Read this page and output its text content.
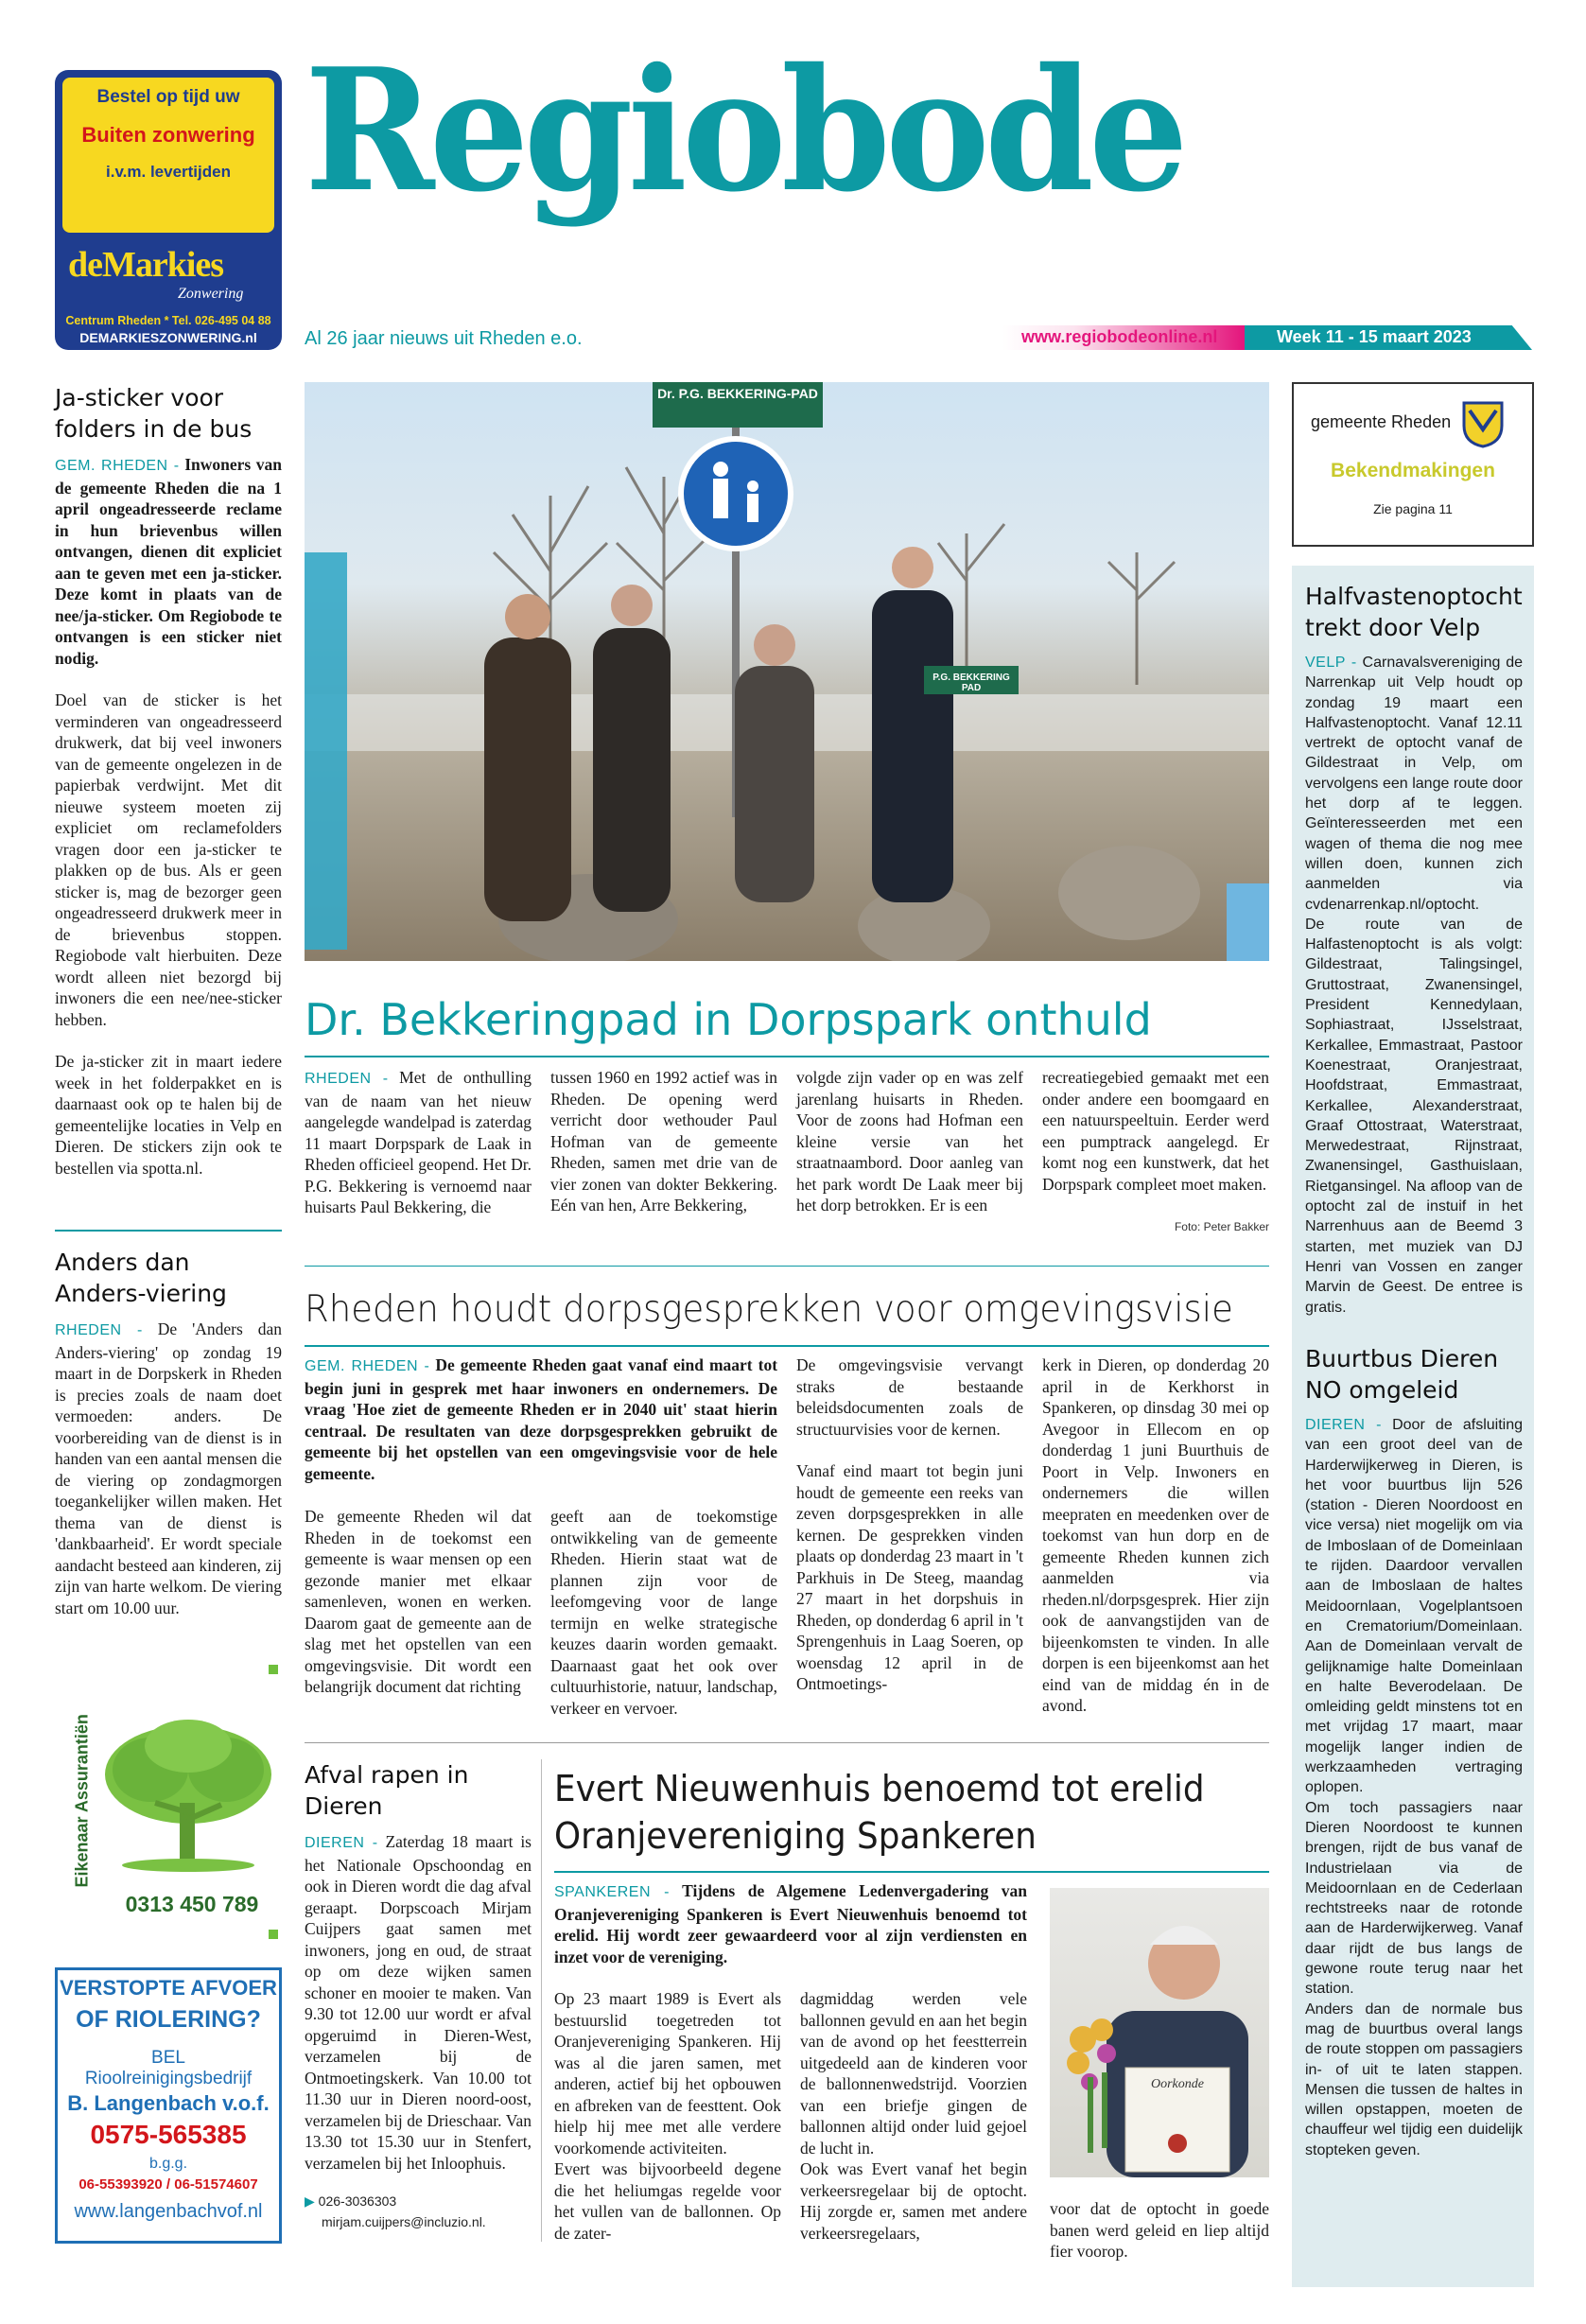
Bestel op tijd uw
Buiten zonwering
i.v.m. levertijden
deMarkies
Zonwering
Centrum Rheden * Tel. 026-495 04 88
DEMARKIESZONWERING.nl
Regiobode
Al 26 jaar nieuws uit Rheden e.o.	www.regiobodeonline.nl	Week 11 - 15 maart 2023
Ja-sticker voor folders in de bus

GEM. RHEDEN - Inwoners van de gemeente Rheden die na 1 april ongeadresseerde reclame in hun brievenbus willen ontvangen, dienen dit expliciet aan te geven met een ja-sticker. Deze komt in plaats van de nee/ja-sticker. Om Regiobode te ontvangen is een sticker niet nodig.

Doel van de sticker is het verminderen van ongeadresseerd drukwerk, dat bij veel inwoners van de gemeente ongelezen in de papierbak verdwijnt. Met dit nieuwe systeem moeten zij expliciet om reclamefolders vragen door een ja-sticker te plakken op de bus. Als er geen sticker is, mag de bezorger geen ongeadresseerd drukwerk meer in de brievenbus stoppen. Regiobode valt hierbuiten. Deze wordt alleen niet bezorgd bij inwoners die een nee/nee-sticker hebben.

De ja-sticker zit in maart iedere week in het folderpakket en is daarnaast ook op te halen bij de gemeentelijke locaties in Velp en Dieren. De stickers zijn ook te bestellen via spotta.nl.

Anders dan Anders-viering

RHEDEN - De 'Anders dan Anders-viering' op zondag 19 maart in de Dorpskerk in Rheden is precies zoals de naam doet vermoeden: anders. De voorbereiding van de dienst is in handen van een aantal mensen die de viering op zondagmorgen toegankelijker willen maken. Het thema van de dienst is 'dankbaarheid'. Er wordt speciale aandacht besteed aan kinderen, zij zijn van harte welkom. De viering start om 10.00 uur.

Eikenaar Assurantiën
0313 450 789
VERSTOPTE AFVOER
OF RIOLERING?
BEL
Rioolreinigingsbedrijf
B. Langenbach v.o.f.
0575-565385
b.g.g.
06-55393920 / 06-51574607
www.langenbachvof.nl
Dr. P.G. BEKKERING-PAD
P.G. BEKKERING PAD
Dr. Bekkeringpad in Dorpspark onthuld
RHEDEN - Met de onthulling van de naam van het nieuw aangelegde wandelpad is zaterdag 11 maart Dorpspark de Laak in Rheden officieel geopend. Het Dr. P.G. Bekkering is vernoemd naar huisarts Paul Bekkering, die
tussen 1960 en 1992 actief was in Rheden. De opening werd verricht door wethouder Paul Hofman van de gemeente Rheden, samen met drie van de vier zonen van dokter Bekkering. Eén van hen, Arre Bekkering,
volgde zijn vader op en was zelf jarenlang huisarts in Rheden. Voor de zoons had Hofman een kleine versie van het straatnaambord. Door aanleg van het park wordt De Laak meer bij het dorp betrokken. Er is een
recreatiegebied gemaakt met een onder andere een boomgaard en een natuurspeeltuin. Eerder werd een pumptrack aangelegd. Er komt nog een kunstwerk, dat het Dorpspark compleet moet maken.
Foto: Peter Bakker
Rheden houdt dorpsgesprekken voor omgevingsvisie
GEM. RHEDEN - De gemeente Rheden gaat vanaf eind maart tot begin juni in gesprek met haar inwoners en ondernemers. De vraag 'Hoe ziet de gemeente Rheden er in 2040 uit' staat hierin centraal. De resultaten van deze dorpsgesprekken gebruikt de gemeente bij het opstellen van een omgevingsvisie voor de hele gemeente.
De gemeente Rheden wil dat Rheden in de toekomst een gemeente is waar mensen op een gezonde manier met elkaar samenleven, wonen en werken. Daarom gaat de gemeente aan de slag met het opstellen van een omgevingsvisie. Dit wordt een belangrijk document dat richting
geeft aan de toekomstige ontwikkeling van de gemeente Rheden. Hierin staat wat de plannen zijn voor de leefomgeving voor de lange termijn en welke strategische keuzes daarin worden gemaakt. Daarnaast gaat het ook over cultuurhistorie, natuur, landschap, verkeer en vervoer.

De omgevingsvisie vervangt straks de bestaande beleidsdocumenten zoals de structuurvisies voor de kernen.

Vanaf eind maart tot begin juni houdt de gemeente een reeks van zeven dorpsgesprekken in alle kernen. De gesprekken vinden plaats op donderdag 23 maart in 't Parkhuis in De Steeg, maandag 27 maart in het dorpshuis in Rheden, op donderdag 6 april in 't Sprengenhuis in Laag Soeren, op woensdag 12 april in de Ontmoetings-

kerk in Dieren, op donderdag 20 april in de Kerkhorst in Spankeren, op dinsdag 30 mei op Avegoor in Ellecom en op donderdag 1 juni Buurthuis de Poort in Velp. Inwoners en ondernemers die willen meepraten en meedenken over de toekomst van hun dorp en de gemeente Rheden kunnen zich aanmelden via rheden.nl/dorpsgesprek. Hier zijn ook de aanvangstijden van de bijeenkomsten te vinden. In alle dorpen is een bijeenkomst aan het eind van de middag én in de avond.
Afval rapen in Dieren

DIEREN - Zaterdag 18 maart is het Nationale Opschoondag en ook in Dieren wordt die dag afval geraapt. Dorpscoach Mirjam Cuijpers gaat samen met inwoners, jong en oud, de straat op om deze wijken samen schoner en mooier te maken. Van 9.30 tot 12.00 uur wordt er afval opgeruimd in Dieren-West, verzamelen bij de Ontmoetingskerk. Van 10.00 tot 11.30 uur in Dieren noord-oost, verzamelen bij de Drieschaar. Van 13.30 tot 15.30 uur in Stenfert, verzamelen bij het Inloophuis.

▶ 026-3036303
mirjam.cuijpers@incluzio.nl.
Evert Nieuwenhuis benoemd tot erelid Oranjevereniging Spankeren
SPANKEREN - Tijdens de Algemene Ledenvergadering van Oranjevereniging Spankeren is Evert Nieuwenhuis benoemd tot erelid. Hij wordt zeer gewaardeerd voor al zijn verdiensten en inzet voor de vereniging.

Op 23 maart 1989 is Evert als bestuurslid toegetreden tot Oranjevereniging Spankeren. Hij was al die jaren samen, met anderen, actief bij het opbouwen en afbreken van de feesttent. Ook hielp hij mee met alle verdere voorkomende activiteiten.

Evert was bijvoorbeeld degene die het heliumgas regelde voor het vullen van de ballonnen. Op de zater-

dagmiddag werden vele ballonnen gevuld en aan het begin van de avond op het feestterrein uitgedeeld aan de kinderen voor de ballonnenwedstrijd. Voorzien van een briefje gingen de ballonnen altijd onder luid gejoel de lucht in.

Ook was Evert vanaf het begin verkeersregelaar bij de optocht. Hij zorgde er, samen met andere verkeersregelaars,

Oorkonde
voor dat de optocht in goede banen werd geleid en liep altijd fier voorop.
gemeente Rheden
Bekendmakingen
Zie pagina 11
Halfvastenoptocht trekt door Velp

VELP - Carnavalsvereniging de Narrenkap uit Velp houdt op zondag 19 maart een Halfvastenoptocht. Vanaf 12.11 vertrekt de optocht vanaf de Gildestraat in Velp, om vervolgens een lange route door het dorp af te leggen. Geïnteresseerden met een wagen of thema die nog mee willen doen, kunnen zich aanmelden via cvdenarrenkap.nl/optocht.

De route van de Halfastenoptocht is als volgt: Gildestraat, Talingsingel, Gruttostraat, Zwanensingel, President Kennedylaan, Sophiastraat, IJsselstraat, Kerkallee, Emmastraat, Pastoor Koenestraat, Oranjestraat, Hoofdstraat, Emmastraat, Kerkallee, Alexanderstraat, Graaf Ottostraat, Waterstraat, Merwedestraat, Rijnstraat, Zwanensingel, Gasthuislaan, Rietgansingel. Na afloop van de optocht zal de instuif in het Narrenhuus aan de Beemd 3 starten, met muziek van DJ Henri van Vossen en zanger Marvin de Geest. De entree is gratis.

Buurtbus Dieren NO omgeleid

DIEREN - Door de afsluiting van een groot deel van de Harderwijkerweg in Dieren, is het voor buurtbus lijn 526 (station - Dieren Noordoost en vice versa) niet mogelijk om via de Imboslaan of de Domeinlaan te rijden. Daardoor vervallen aan de Imboslaan de haltes Meidoornlaan, Vogelplantsoen en Crematorium/Domeinlaan. Aan de Domeinlaan vervalt de gelijknamige halte Domeinlaan en halte Beverodelaan. De omleiding geldt minstens tot en met vrijdag 17 maart, maar mogelijk langer indien de werkzaamheden vertraging oplopen.

Om toch passagiers naar Dieren Noordoost te kunnen brengen, rijdt de bus vanaf de Industrielaan via de Meidoornlaan en de Cederlaan rechtstreeks naar de rotonde aan de Harderwijkerweg. Vanaf daar rijdt de bus langs de gewone route terug naar het station.

Anders dan de normale bus mag de buurtbus overal langs de route stoppen om passagiers in- of uit te laten stappen. Mensen die tussen de haltes in willen opstappen, moeten de chauffeur wel tijdig een duidelijk stopteken geven.
